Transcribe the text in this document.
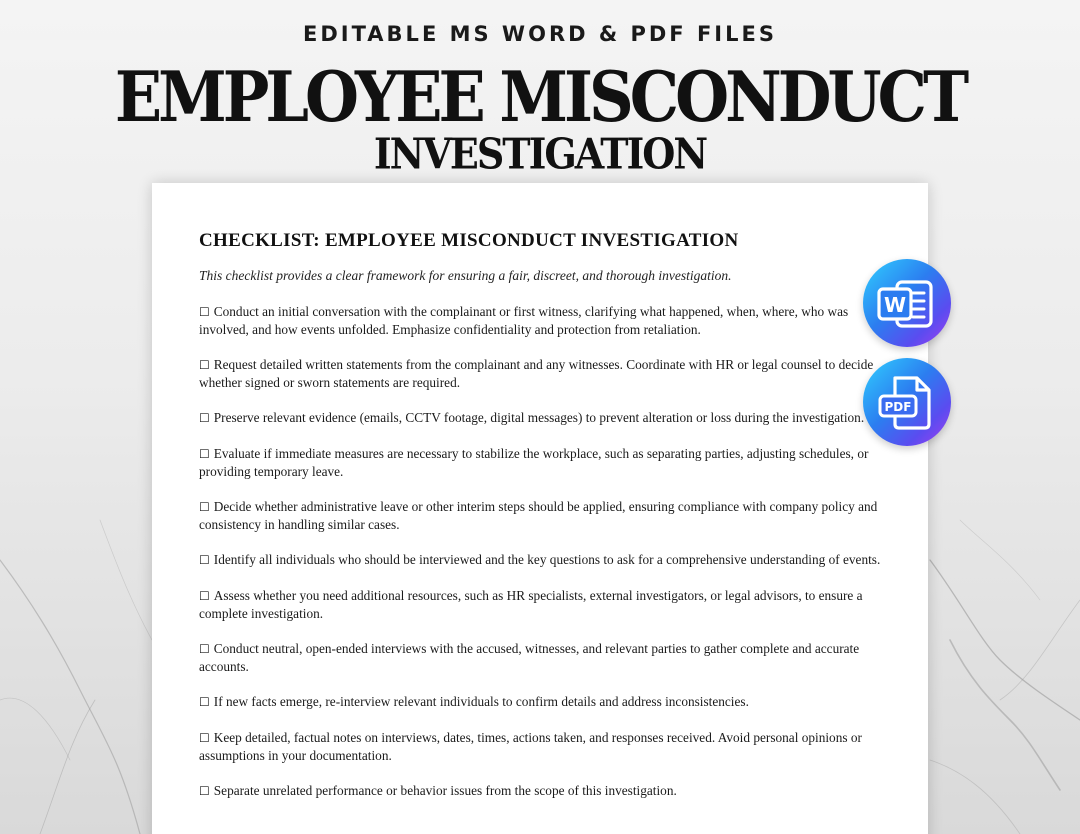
EDITABLE MS WORD & PDF FILES
EMPLOYEE MISCONDUCT
INVESTIGATION
CHECKLIST: EMPLOYEE MISCONDUCT INVESTIGATION
This checklist provides a clear framework for ensuring a fair, discreet, and thorough investigation.
☐ Conduct an initial conversation with the complainant or first witness, clarifying what happened, when, where, who was involved, and how events unfolded. Emphasize confidentiality and protection from retaliation.
☐ Request detailed written statements from the complainant and any witnesses. Coordinate with HR or legal counsel to decide whether signed or sworn statements are required.
☐ Preserve relevant evidence (emails, CCTV footage, digital messages) to prevent alteration or loss during the investigation.
☐ Evaluate if immediate measures are necessary to stabilize the workplace, such as separating parties, adjusting schedules, or providing temporary leave.
☐ Decide whether administrative leave or other interim steps should be applied, ensuring compliance with company policy and consistency in handling similar cases.
☐ Identify all individuals who should be interviewed and the key questions to ask for a comprehensive understanding of events.
☐ Assess whether you need additional resources, such as HR specialists, external investigators, or legal advisors, to ensure a complete investigation.
☐ Conduct neutral, open-ended interviews with the accused, witnesses, and relevant parties to gather complete and accurate accounts.
☐ If new facts emerge, re-interview relevant individuals to confirm details and address inconsistencies.
☐ Keep detailed, factual notes on interviews, dates, times, actions taken, and responses received. Avoid personal opinions or assumptions in your documentation.
☐ Separate unrelated performance or behavior issues from the scope of this investigation.
W
PDF
